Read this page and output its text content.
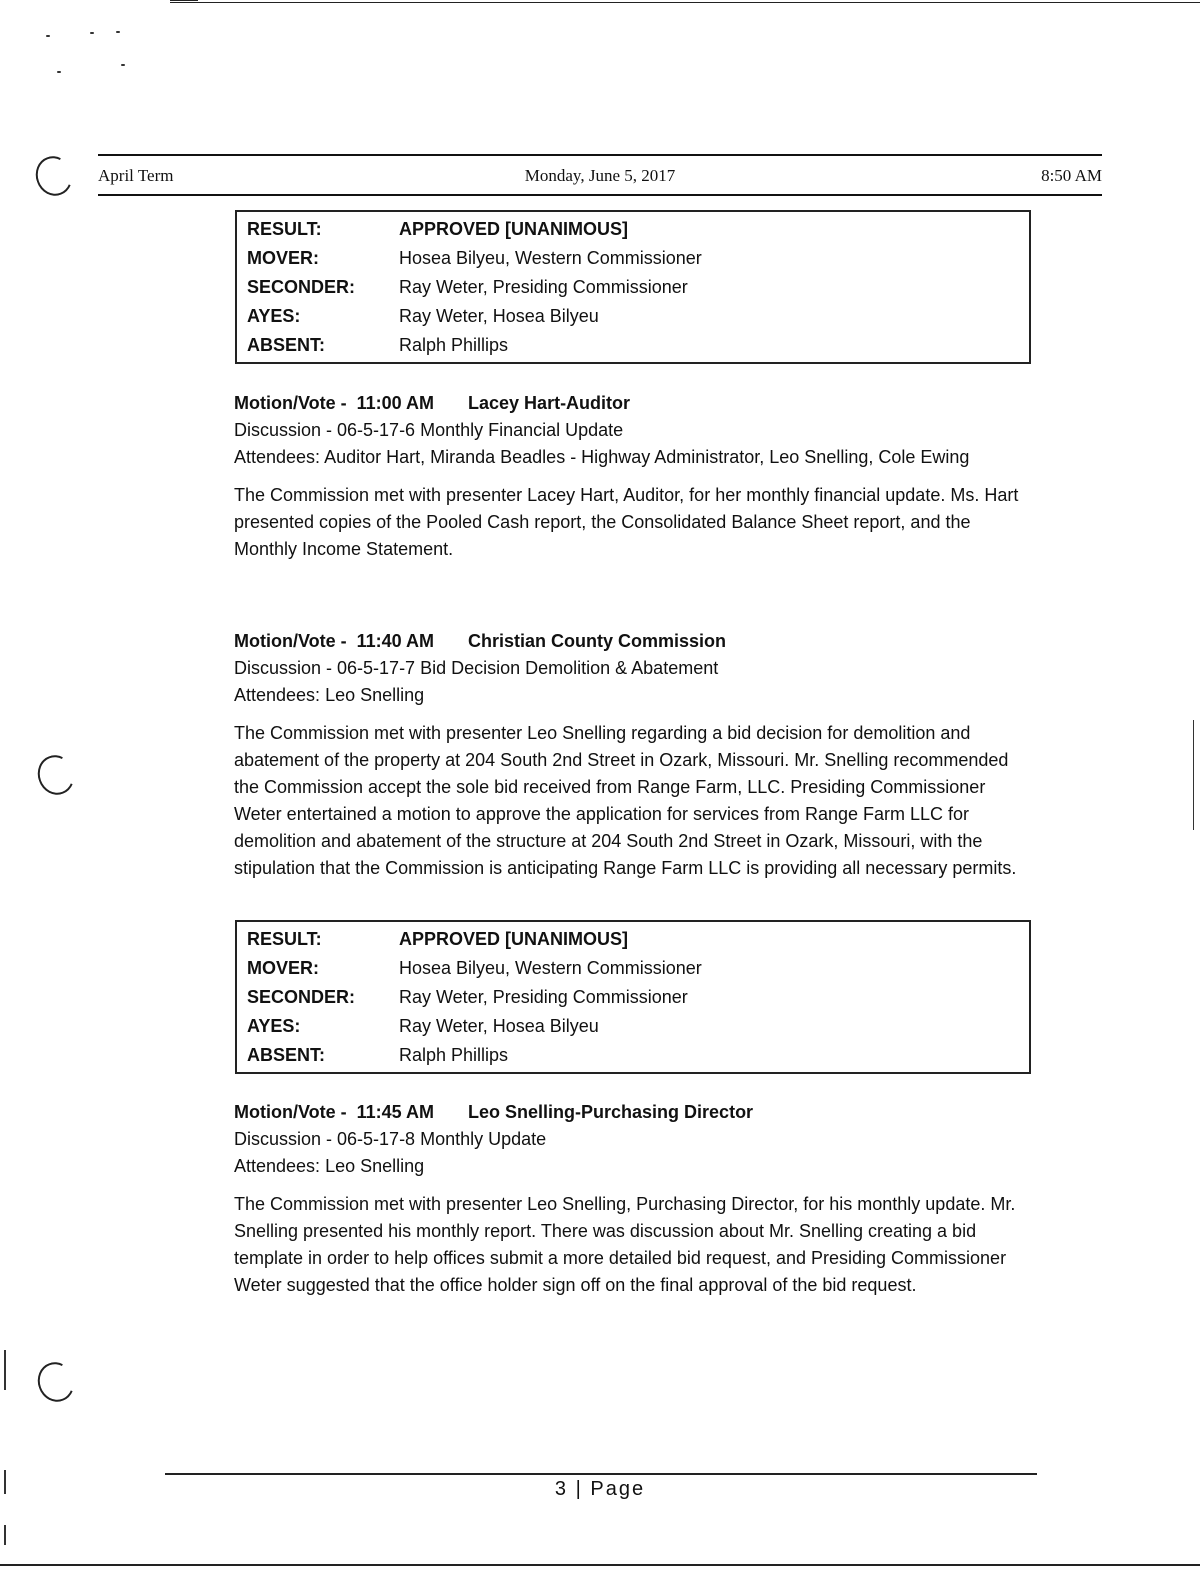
April Term	Monday, June 5, 2017	8:50 AM
RESULT:	APPROVED [UNANIMOUS]
MOVER:	Hosea Bilyeu, Western Commissioner
SECONDER: Ray Weter, Presiding Commissioner
AYES:	Ray Weter, Hosea Bilyeu
ABSENT:	Ralph Phillips
Motion/Vote -  11:00 AM Lacey Hart-Auditor

Discussion - 06-5-17-6 Monthly Financial Update

Attendees: Auditor Hart, Miranda Beadles - Highway Administrator, Leo Snelling, Cole Ewing

The Commission met with presenter Lacey Hart, Auditor, for her monthly financial update. Ms. Hart presented copies of the Pooled Cash report, the Consolidated Balance Sheet report, and the Monthly Income Statement.

Motion/Vote -  11:40 AM Christian County Commission

Discussion - 06-5-17-7 Bid Decision Demolition & Abatement

Attendees: Leo Snelling

The Commission met with presenter Leo Snelling regarding a bid decision for demolition and abatement of the property at 204 South 2nd Street in Ozark, Missouri. Mr. Snelling recommended the Commission accept the sole bid received from Range Farm, LLC. Presiding Commissioner Weter entertained a motion to approve the application for services from Range Farm LLC for demolition and abatement of the structure at 204 South 2nd Street in Ozark, Missouri, with the stipulation that the Commission is anticipating Range Farm LLC is providing all necessary permits.

RESULT:	APPROVED [UNANIMOUS]
MOVER:	Hosea Bilyeu, Western Commissioner
SECONDER: Ray Weter, Presiding Commissioner
AYES:	Ray Weter, Hosea Bilyeu
ABSENT:	Ralph Phillips
Motion/Vote -  11:45 AM Leo Snelling-Purchasing Director

Discussion - 06-5-17-8 Monthly Update

Attendees: Leo Snelling

The Commission met with presenter Leo Snelling, Purchasing Director, for his monthly update. Mr. Snelling presented his monthly report. There was discussion about Mr. Snelling creating a bid template in order to help offices submit a more detailed bid request, and Presiding Commissioner Weter suggested that the office holder sign off on the final approval of the bid request.

3 | Page
